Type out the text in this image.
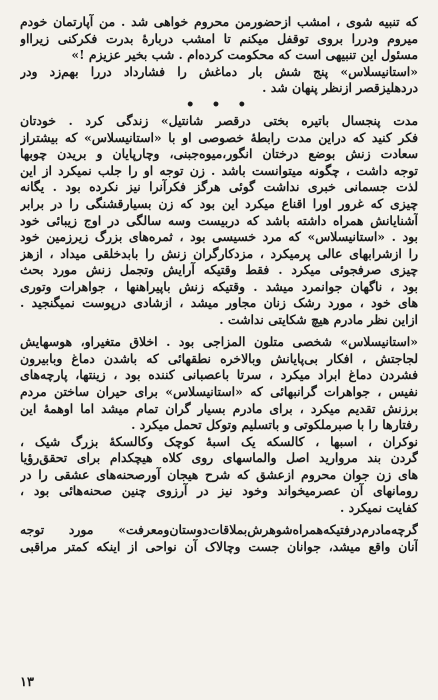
که تنبیه شوی ، امشب ازحضورمن محروم خواهی شد . من آپارتمان خودم
میروم ودررا بروی توقفل میکنم تا امشب دربارهٔ بدرت فکرکنی زیرااو
مسئول این تنبیهی است که محکومت کرده‌ام . شب بخیر عزیزم !»
«استانیسلاس» پنج شش بار دماغش را فشارداد دررا بهم‌زد ودر
دردهلیزقصر ازنظر پنهان شد .
• • •
مدت پنجسال باتیره بختی درقصر شانتیل» زندگی کرد . خودتان
فکر کنید که دراین مدت رابطهٔ خصوصی او با «استانیسلاس» که بیشتراز
سعادت زنش بوضع درختان انگور،میوه‌جبنی، وچارپایان و بریدن چوبها
توجه داشت ، چگونه میتوانست باشد . زن توجه او را جلب نمیکرد از این
لذت جسمانی خبری نداشت گوئی هرگز فکرآنرا نیز نکرده بود . یگانه
چیزی که غرور اورا اقناع میکرد این بود که زن بسیارقشنگی را در برابر
آشنایانش همراه داشته باشد که دربیست وسه سالگی در اوج زیبائی خود
بود . «استانیسلاس» که مرد خسیسی بود ، ثمره‌های بزرگ زیرزمین خود
را ازشرابهای عالی پرمیکرد ، مزدکارگران زنش را بابدخلقی میداد ، ازهز
چیزی صرفجوئی میکرد . فقط وقتیکه آرایش وتجمل زنش مورد بحث
بود ، ناگهان جوانمرد میشد . وقتیکه زنش باپیراهنها ، جواهرات وتوری
های خود ، مورد رشک زنان مجاور میشد ، ازشادی درپوست نمیگنجید .
ازاین نظر مادرم هیچ شکایتی نداشت .
«استانیسلاس» شخصی متلون المزاجی بود . اخلاق متغیراو، هوسهایش
لجاجتش ، افکار بی‌پایانش وبالاخره نطقهائی که باشدن دماغ وبابیرون
فشردن دماغ ابراد میکرد ، سرتا باعصبانی کننده بود ، زینتها، پارچه‌های
نفیس ، جواهرات گرانبهائی که «استانیسلاس» برای حیران ساختن مردم
برزنش تقدیم میکرد ، برای مادرم بسیار گران تمام میشد اما اوهمهٔ این
رفتارها را با صبرملکوتی و باتسلیم وتوکل تحمل میکرد .
نوکران ، اسبها ، کالسکه یک اسبهٔ کوچک وکالسکهٔ بزرگ شیک ،
گردن بند مروارید اصل والماسهای روی کلاه هیچکدام برای تحقق‌رؤیا
های زن جوان محروم ازعشق که شرح هیجان آورصحنه‌های عشقی را در
رومانهای آن عصرمیخواند وخود نیز در آرزوی چنین صحنه‌هائی بود ،
کفایت نمیکرد .
گرچه‌مادرم‌درفتیکه‌همراه‌شوهر‌ش‌بملاقات‌دوستان‌و‌معرفت» مورد توجه
آنان واقع میشد، جوانان جست وچالاک آن نواحی از اینکه کمتر مراقبی
۱۳
